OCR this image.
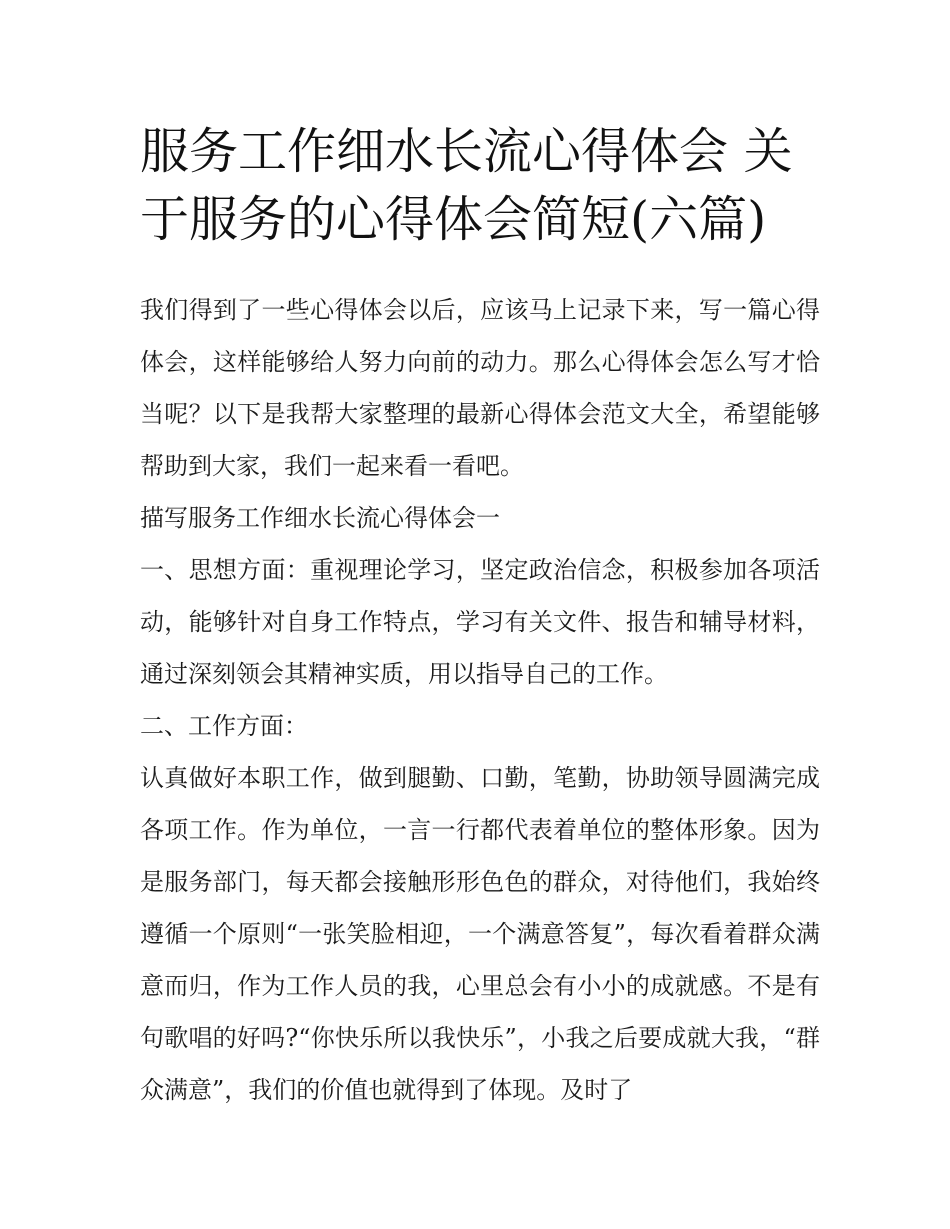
服务工作细水长流心得体会 关于服务的心得体会简短(六篇)

我们得到了一些心得体会以后，应该马上记录下来，写一篇心得体会，这样能够给人努力向前的动力。那么心得体会怎么写才恰当呢？以下是我帮大家整理的最新心得体会范文大全，希望能够帮助到大家，我们一起来看一看吧。

描写服务工作细水长流心得体会一

一、思想方面：重视理论学习，坚定政治信念，积极参加各项活动，能够针对自身工作特点，学习有关文件、报告和辅导材料，通过深刻领会其精神实质，用以指导自己的工作。

二、工作方面：

认真做好本职工作，做到腿勤、口勤，笔勤，协助领导圆满完成各项工作。作为单位，一言一行都代表着单位的整体形象。因为是服务部门，每天都会接触形形色色的群众，对待他们，我始终遵循一个原则“一张笑脸相迎，一个满意答复”，每次看着群众满意而归，作为工作人员的我，心里总会有小小的成就感。不是有句歌唱的好吗?“你快乐所以我快乐”，小我之后要成就大我，“群众满意”，我们的价值也就得到了体现。及时了
